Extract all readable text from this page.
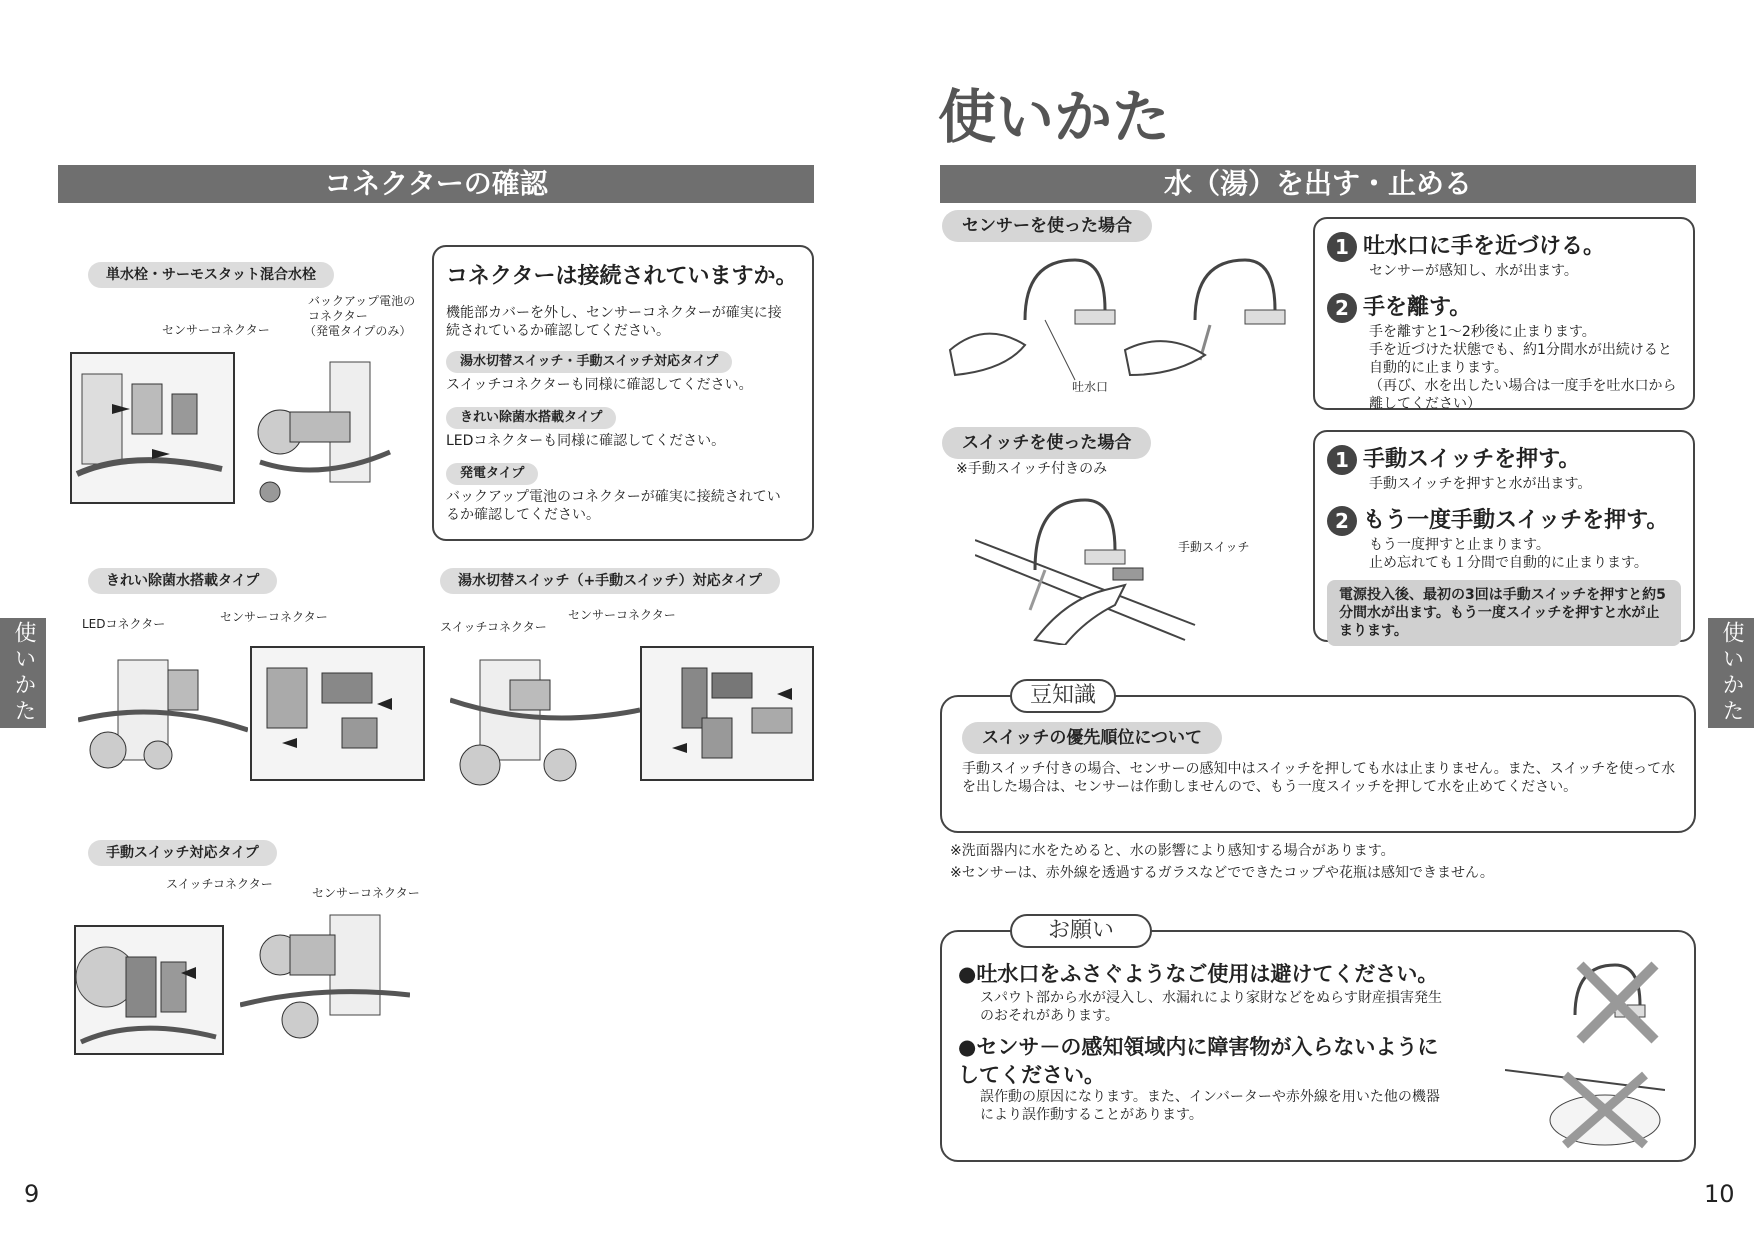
コネクターの確認
単水栓・サーモスタット混合水栓
センサーコネクター
バックアップ電池の
コネクター
（発電タイプのみ）
コネクターは接続されていますか。
機能部カバーを外し、センサーコネクターが確実に接続されているか確認してください。
湯水切替スイッチ・手動スイッチ対応タイプ
スイッチコネクターも同様に確認してください。
きれい除菌水搭載タイプ
LEDコネクターも同様に確認してください。
発電タイプ
バックアップ電池のコネクターが確実に接続されているか確認してください。
きれい除菌水搭載タイプ
LEDコネクター	センサーコネクター
湯水切替スイッチ（+手動スイッチ）対応タイプ
スイッチコネクター
センサーコネクター
手動スイッチ対応タイプ
スイッチコネクター
センサーコネクター
使いかた
9
使いかた
水（湯）を出す・止める
センサーを使った場合
吐水口
1 吐水口に手を近づける。
センサーが感知し、水が出ます。
2 手を離す。
手を離すと1～2秒後に止まります。
手を近づけた状態でも、約1分間水が出続けると自動的に止まります。
（再び、水を出したい場合は一度手を吐水口から離してください）
スイッチを使った場合
※手動スイッチ付きのみ
手動スイッチ
1 手動スイッチを押す。
手動スイッチを押すと水が出ます。
2 もう一度手動スイッチを押す。
もう一度押すと止まります。
止め忘れても１分間で自動的に止まります。
電源投入後、最初の3回は手動スイッチを押すと約5分間水が出ます。もう一度スイッチを押すと水が止まります。
豆知識
スイッチの優先順位について
手動スイッチ付きの場合、センサーの感知中はスイッチを押しても水は止まりません。また、スイッチを使って水を出した場合は、センサーは作動しませんので、もう一度スイッチを押して水を止めてください。
※洗面器内に水をためると、水の影響により感知する場合があります。
※センサーは、赤外線を透過するガラスなどでできたコップや花瓶は感知できません。
お願い
●吐水口をふさぐようなご使用は避けてください。
スパウト部から水が浸入し、水漏れにより家財などをぬらす財産損害発生のおそれがあります。
●センサ－の感知領域内に障害物が入らないようにしてください。
誤作動の原因になります。また、インバーターや赤外線を用いた他の機器により誤作動することがあります。
使いかた
10
